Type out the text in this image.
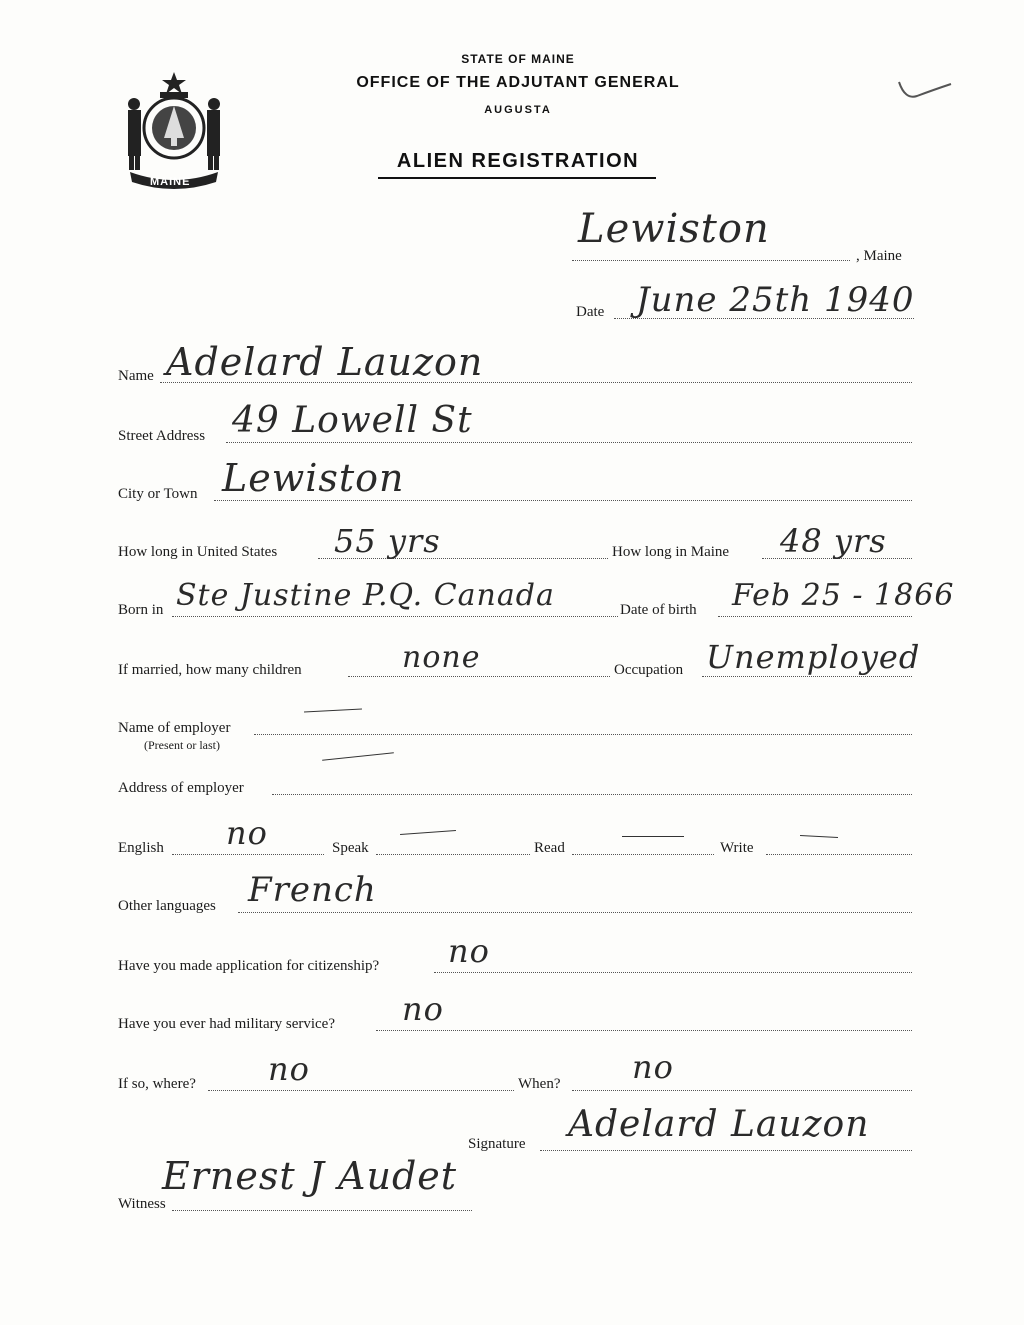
MAINE
STATE OF MAINE
OFFICE OF THE ADJUTANT GENERAL
AUGUSTA
ALIEN REGISTRATION
Lewiston
, Maine
Date June 25th 1940
Name Adelard Lauzon
Street Address 49 Lowell St
City or Town Lewiston
How long in United States 55 yrs	How long in Maine 48 yrs
Born in Ste Justine P.Q. Canada	Date of birth Feb 25 - 1866
If married, how many children	none	Occupation Unemployed
Name of employer
(Present or last)
Address of employer
English no	Speak	Read	Write
Other languages French
Have you made application for citizenship? no
Have you ever had military service? no
If so, where? no	When? no
Signature Adelard Lauzon
Witness
Ernest J Audet
